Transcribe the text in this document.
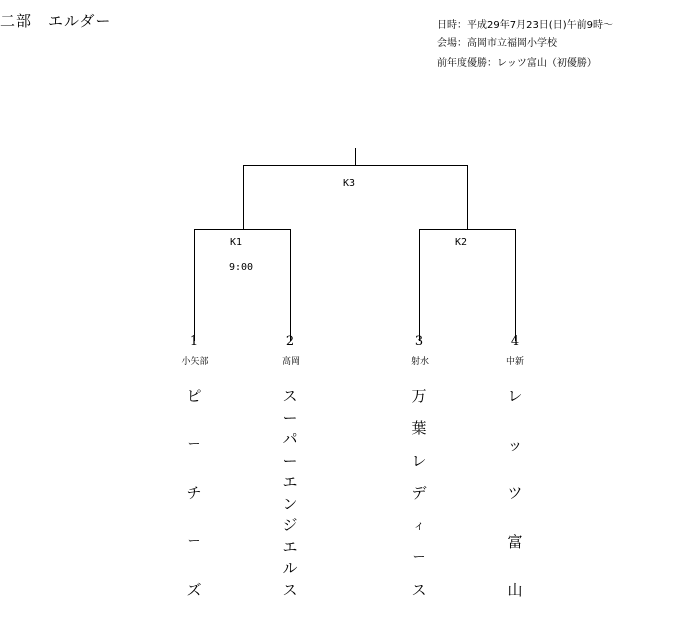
二部　エルダー	日時：平成29年7月23日(日)午前9時～
会場：高岡市立福岡小学校
前年度優勝：レッツ富山（初優勝）
K3
K1
9:00
K2
1	2	3	4
小矢部	高岡	射水	中新
ピ
ー
チ
ー
ズ
ス
ー
パ
ー
エ
ン
ジ
エ
ル
ス
万
葉
レ
デ
ィ
ー
ス
レ
ッ
ツ
富
山
